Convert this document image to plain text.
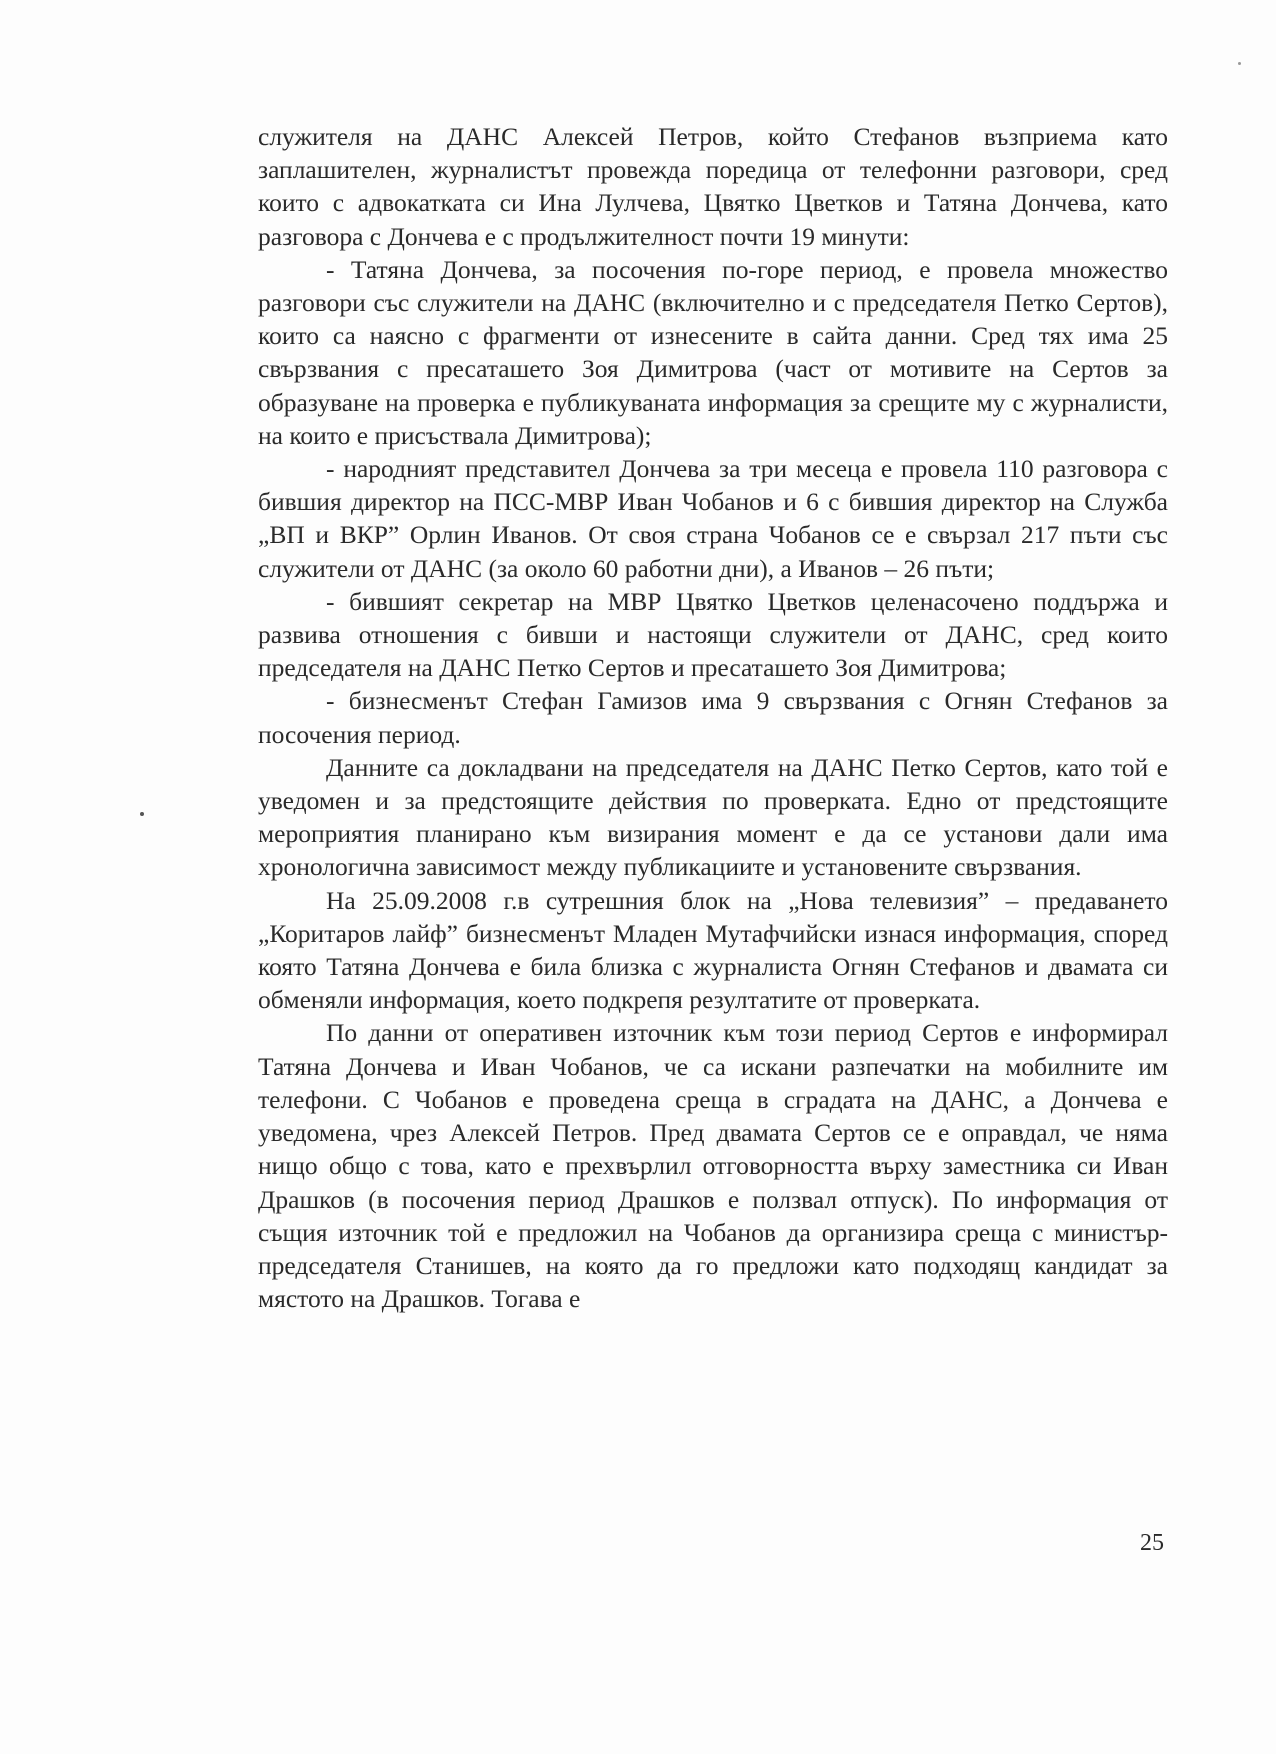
служителя на ДАНС Алексей Петров, който Стефанов възприема като заплашителен, журналистът провежда поредица от телефонни разговори, сред които с адвокатката си Ина Лулчева, Цвятко Цветков и Татяна Дончева, като разговора с Дончева е с продължителност почти 19 минути:

- Татяна Дончева, за посочения по-горе период, е провела множество разговори със служители на ДАНС (включително и с председателя Петко Сертов), които са наясно с фрагменти от изнесените в сайта данни. Сред тях има 25 свързвания с пресаташето Зоя Димитрова (част от мотивите на Сертов за образуване на проверка е публикуваната информация за срещите му с журналисти, на които е присъствала Димитрова);

- народният представител Дончева за три месеца е провела 110 разговора с бившия директор на ПСС-МВР Иван Чобанов и 6 с бившия директор на Служба „ВП и ВКР” Орлин Иванов. От своя страна Чобанов се е свързал 217 пъти със служители от ДАНС (за около 60 работни дни), а Иванов – 26 пъти;

- бившият секретар на МВР Цвятко Цветков целенасочено поддържа и развива отношения с бивши и настоящи служители от ДАНС, сред които председателя на ДАНС Петко Сертов и пресаташето Зоя Димитрова;

- бизнесменът Стефан Гамизов има 9 свързвания с Огнян Стефанов за посочения период.

Данните са докладвани на председателя на ДАНС Петко Сертов, като той е уведомен и за предстоящите действия по проверката. Едно от предстоящите мероприятия планирано към визирания момент е да се установи дали има хронологична зависимост между публикациите и установените свързвания.

На 25.09.2008 г.в сутрешния блок на „Нова телевизия” – предаването „Коритаров лайф” бизнесменът Младен Мутафчийски изнася информация, според която Татяна Дончева е била близка с журналиста Огнян Стефанов и двамата си обменяли информация, което подкрепя резултатите от проверката.

По данни от оперативен източник към този период Сертов е информирал Татяна Дончева и Иван Чобанов, че са искани разпечатки на мобилните им телефони. С Чобанов е проведена среща в сградата на ДАНС, а Дончева е уведомена, чрез Алексей Петров. Пред двамата Сертов се е оправдал, че няма нищо общо с това, като е прехвърлил отговорността върху заместника си Иван Драшков (в посочения период Драшков е ползвал отпуск). По информация от същия източник той е предложил на Чобанов да организира среща с министър-председателя Станишев, на която да го предложи като подходящ кандидат за мястото на Драшков. Тогава е

25
